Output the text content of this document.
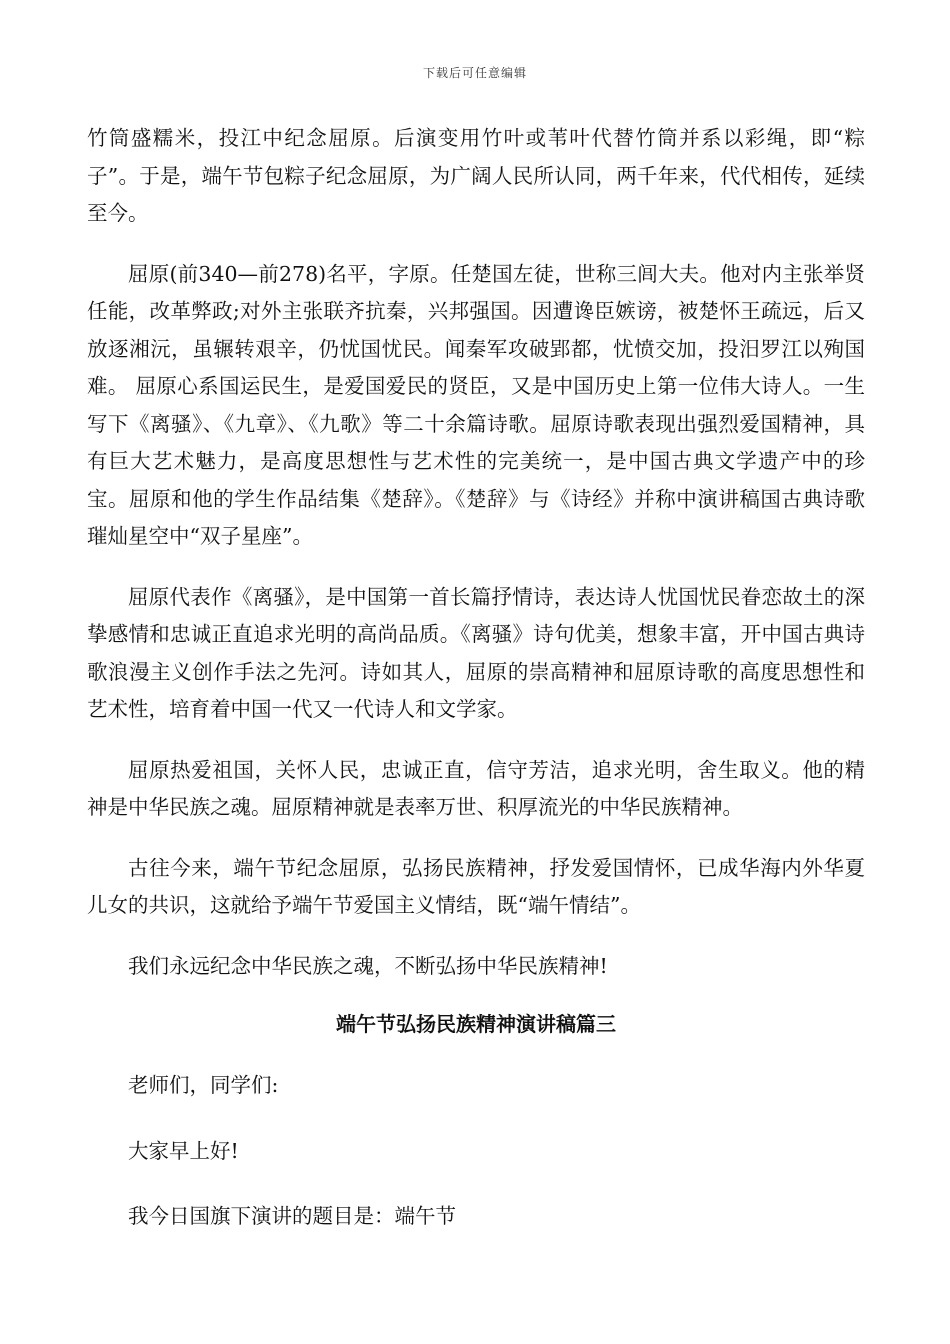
下载后可任意编辑

竹筒盛糯米，投江中纪念屈原。后演变用竹叶或苇叶代替竹筒并系以彩绳，即“粽子”。于是，端午节包粽子纪念屈原，为广阔人民所认同，两千年来，代代相传，延续至今。

屈原(前340—前278)名平，字原。任楚国左徒，世称三闾大夫。他对内主张举贤任能，改革弊政;对外主张联齐抗秦，兴邦强国。因遭谗臣嫉谤，被楚怀王疏远，后又放逐湘沅，虽辗转艰辛，仍忧国忧民。闻秦军攻破郢都，忧愤交加，投汨罗江以殉国难。 屈原心系国运民生，是爱国爱民的贤臣，又是中国历史上第一位伟大诗人。一生写下《离骚》、《九章》、《九歌》等二十余篇诗歌。屈原诗歌表现出强烈爱国精神，具有巨大艺术魅力，是高度思想性与艺术性的完美统一，是中国古典文学遗产中的珍宝。屈原和他的学生作品结集《楚辞》。《楚辞》与《诗经》并称中演讲稿国古典诗歌璀灿星空中“双子星座”。

屈原代表作《离骚》，是中国第一首长篇抒情诗，表达诗人忧国忧民眷恋故土的深挚感情和忠诚正直追求光明的高尚品质。《离骚》诗句优美，想象丰富，开中国古典诗歌浪漫主义创作手法之先河。诗如其人，屈原的崇高精神和屈原诗歌的高度思想性和艺术性，培育着中国一代又一代诗人和文学家。

屈原热爱祖国，关怀人民，忠诚正直，信守芳洁，追求光明，舍生取义。他的精神是中华民族之魂。屈原精神就是表率万世、积厚流光的中华民族精神。

古往今来，端午节纪念屈原，弘扬民族精神，抒发爱国情怀，已成华海内外华夏儿女的共识，这就给予端午节爱国主义情结，既“端午情结”。

我们永远纪念中华民族之魂，不断弘扬中华民族精神!

端午节弘扬民族精神演讲稿篇三

老师们，同学们:

大家早上好!

我今日国旗下演讲的题目是：端午节
